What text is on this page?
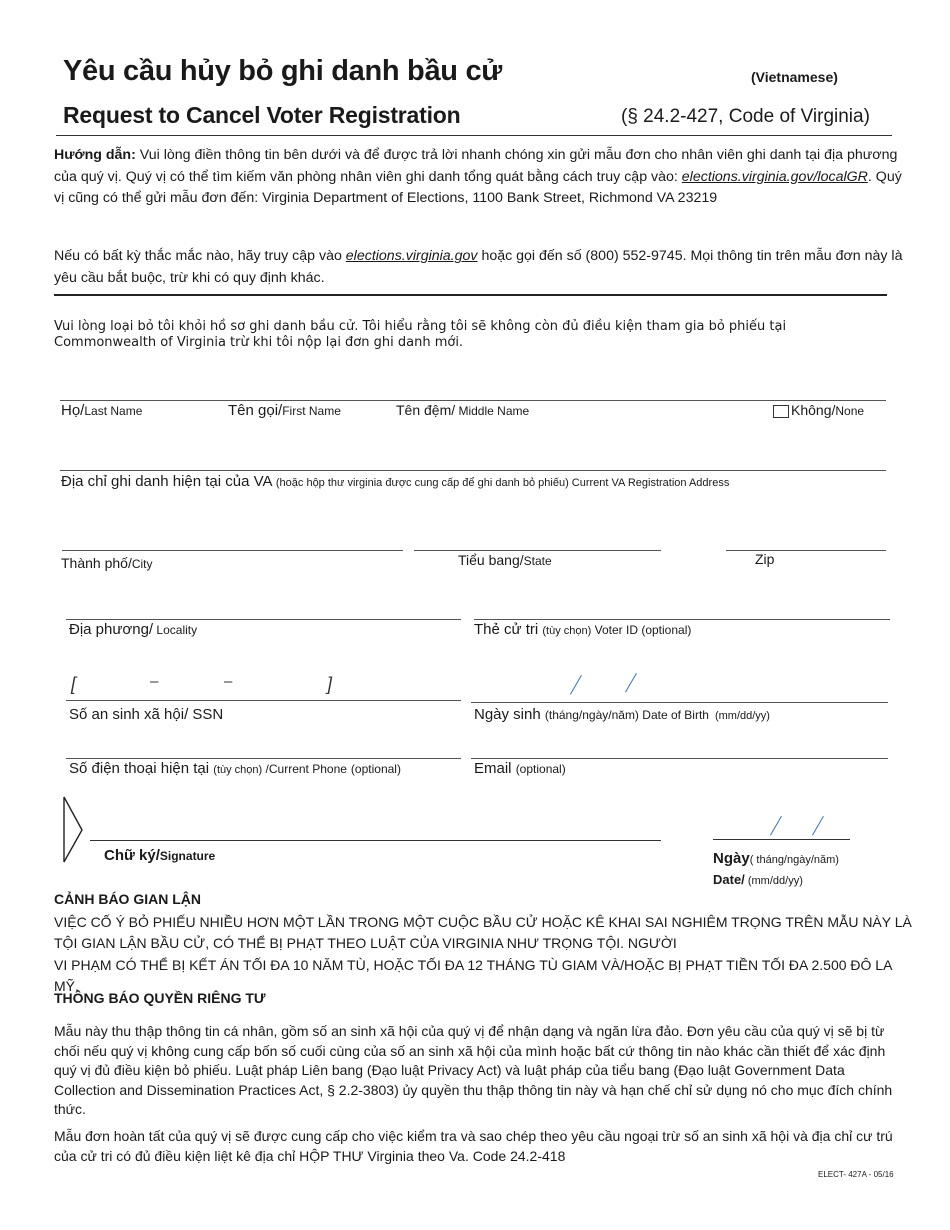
Yêu cầu hủy bỏ ghi danh bầu cử	(Vietnamese)
Request to Cancel Voter Registration	(§ 24.2-427, Code of Virginia)
Hướng dẫn: Vui lòng điền thông tin bên dưới và để được trả lời nhanh chóng xin gửi mẫu đơn cho nhân viên ghi danh tại địa phương của quý vị. Quý vị có thể tìm kiếm văn phòng nhân viên ghi danh tổng quát bằng cách truy cập vào: elections.virginia.gov/localGR. Quý vị cũng có thể gửi mẫu đơn đến: Virginia Department of Elections, 1100 Bank Street, Richmond VA 23219
Nếu có bất kỳ thắc mắc nào, hãy truy cập vào elections.virginia.gov hoặc gọi đến số (800) 552-9745. Mọi thông tin trên mẫu đơn này là yêu cầu bắt buộc, trừ khi có quy định khác.
Vui lòng loại bỏ tôi khỏi hồ sơ ghi danh bầu cử. Tôi hiểu rằng tôi sẽ không còn đủ điều kiện tham gia bỏ phiếu tại Commonwealth of Virginia trừ khi tôi nộp lại đơn ghi danh mới.
Họ/Last Name	Tên gọi/First Name	Tên đệm/ Middle Name	Không/None
Địa chỉ ghi danh hiện tại của VA (hoặc hộp thư virginia được cung cấp để ghi danh bỏ phiếu) Current VA Registration Address
Thành phố/City	Tiểu bang/State	Zip
Địa phương/ Locality	Thẻ cử tri (tùy chọn) Voter ID (optional)
[	–	–	]
Số an sinh xã hội/ SSN	Ngày sinh (tháng/ngày/năm) Date of Birth (mm/dd/yy)
Số điện thoại hiện tại (tùy chọn) /Current Phone (optional)	Email (optional)
Chữ ký/Signature	Ngày( tháng/ngày/năm)
Date/ (mm/dd/yy)
CẢNH BÁO GIAN LẬN
VIỆC CỐ Ý BỎ PHIẾU NHIỀU HƠN MỘT LẦN TRONG MỘT CUỘC BẦU CỬ HOẶC KÊ KHAI SAI NGHIÊM TRỌNG TRÊN MẪU NÀY LÀ TỘI GIAN LẬN BẦU CỬ, CÓ THỂ BỊ PHẠT THEO LUẬT CỦA VIRGINIA NHƯ TRỌNG TỘI. NGƯỜI
VI PHẠM CÓ THỂ BỊ KẾT ÁN TỐI ĐA 10 NĂM TÙ, HOẶC TỐI ĐA 12 THÁNG TÙ GIAM VÀ/HOẶC BỊ PHẠT TIỀN TỐI ĐA 2.500 ĐÔ LA MỸ.
THÔNG BÁO QUYỀN RIÊNG TƯ
Mẫu này thu thập thông tin cá nhân, gồm số an sinh xã hội của quý vị để nhận dạng và ngăn lừa đảo. Đơn yêu cầu của quý vị sẽ bị từ chối nếu quý vị không cung cấp bốn số cuối cùng của số an sinh xã hội của mình hoặc bất cứ thông tin nào khác cần thiết để xác định quý vị đủ điều kiện bỏ phiếu. Luật pháp Liên bang (Đạo luật Privacy Act) và luật pháp của tiểu bang (Đạo luật Government Data Collection and Dissemination Practices Act, § 2.2-3803) ủy quyền thu thập thông tin này và hạn chế chỉ sử dụng nó cho mục đích chính thức.
Mẫu đơn hoàn tất của quý vị sẽ được cung cấp cho việc kiểm tra và sao chép theo yêu cầu ngoại trừ số an sinh xã hội và địa chỉ cư trú của cử tri có đủ điều kiện liệt kê địa chỉ HỘP THƯ Virginia theo Va. Code 24.2-418
ELECT- 427A - 05/16
